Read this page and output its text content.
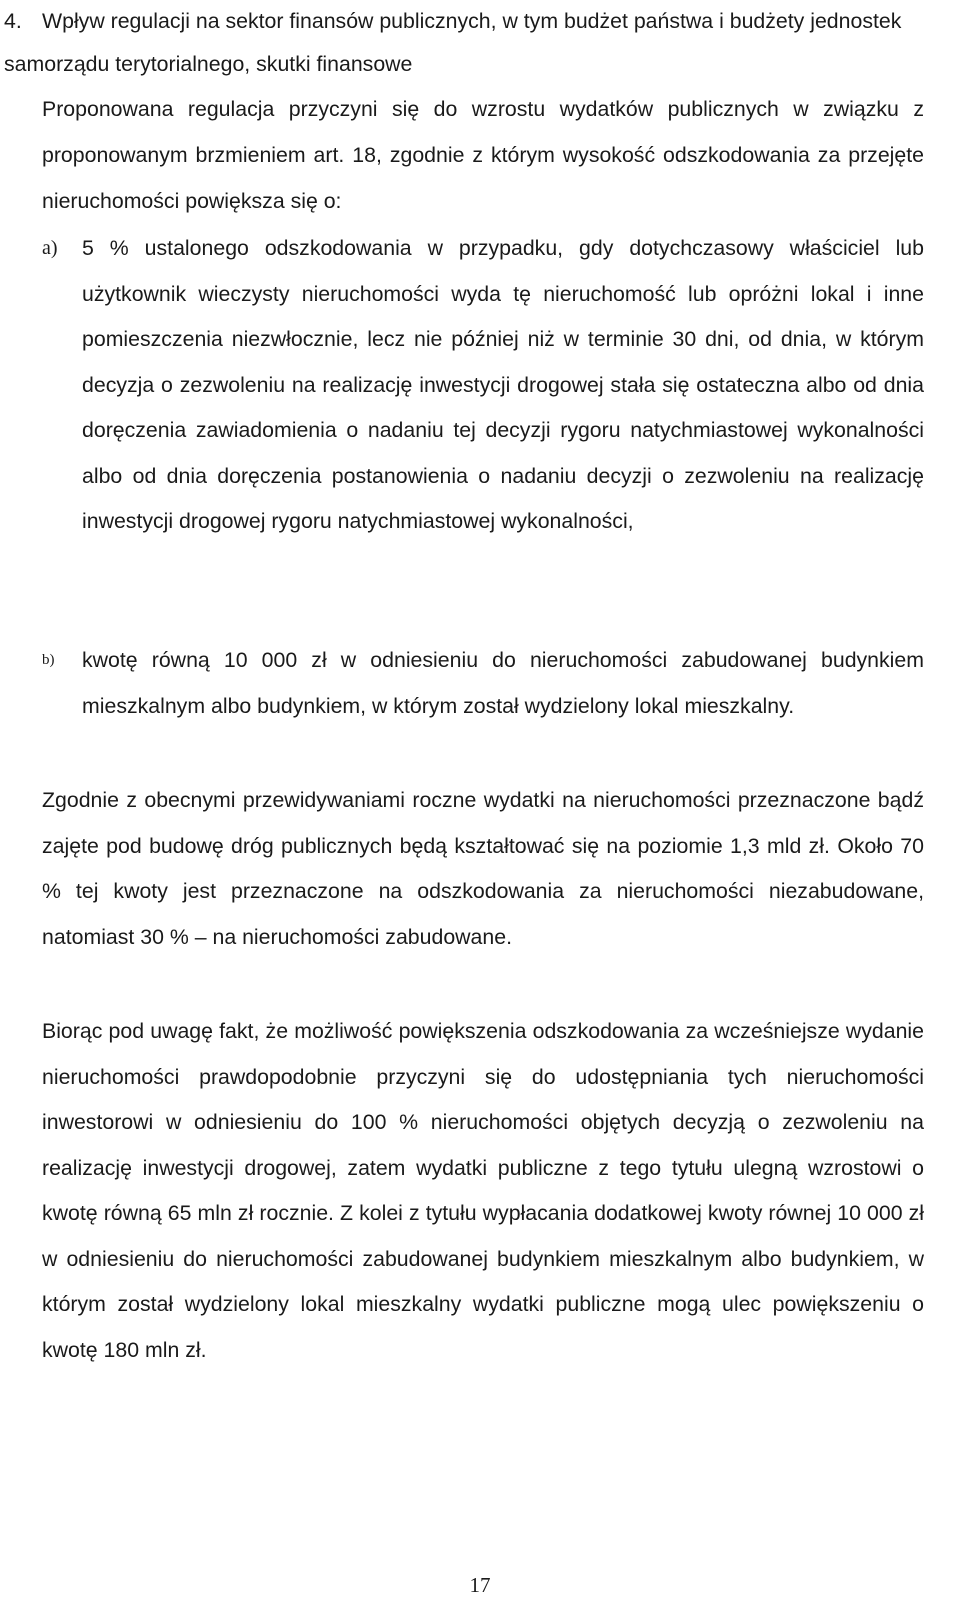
4. Wpływ regulacji na sektor finansów publicznych, w tym budżet państwa i budżety jednostek samorządu terytorialnego, skutki finansowe
Proponowana regulacja przyczyni się do wzrostu wydatków publicznych w związku z proponowanym brzmieniem art. 18, zgodnie z którym wysokość odszkodowania za przejęte nieruchomości powiększa się o:
a) 5 % ustalonego odszkodowania w przypadku, gdy dotychczasowy właściciel lub użytkownik wieczysty nieruchomości wyda tę nieruchomość lub opróżni lokal i inne pomieszczenia niezwłocznie, lecz nie później niż w terminie 30 dni, od dnia, w którym decyzja o zezwoleniu na realizację inwestycji drogowej stała się ostateczna albo od dnia doręczenia zawiadomienia o nadaniu tej decyzji rygoru natychmiastowej wykonalności albo od dnia doręczenia postanowienia o nadaniu decyzji o zezwoleniu na realizację inwestycji drogowej rygoru natychmiastowej wykonalności,
b) kwotę równą 10 000 zł w odniesieniu do nieruchomości zabudowanej budynkiem mieszkalnym albo budynkiem, w którym został wydzielony lokal mieszkalny.
Zgodnie z obecnymi przewidywaniami roczne wydatki na nieruchomości przeznaczone bądź zajęte pod budowę dróg publicznych będą kształtować się na poziomie 1,3 mld zł. Około 70 % tej kwoty jest przeznaczone na odszkodowania za nieruchomości niezabudowane, natomiast 30 % – na nieruchomości zabudowane.
Biorąc pod uwagę fakt, że możliwość powiększenia odszkodowania za wcześniejsze wydanie nieruchomości prawdopodobnie przyczyni się do udostępniania tych nieruchomości inwestorowi w odniesieniu do 100 % nieruchomości objętych decyzją o zezwoleniu na realizację inwestycji drogowej, zatem wydatki publiczne z tego tytułu ulegną wzrostowi o kwotę równą 65 mln zł rocznie. Z kolei z tytułu wypłacania dodatkowej kwoty równej 10 000 zł w odniesieniu do nieruchomości zabudowanej budynkiem mieszkalnym albo budynkiem, w którym został wydzielony lokal mieszkalny wydatki publiczne mogą ulec powiększeniu o kwotę 180 mln zł.
17
